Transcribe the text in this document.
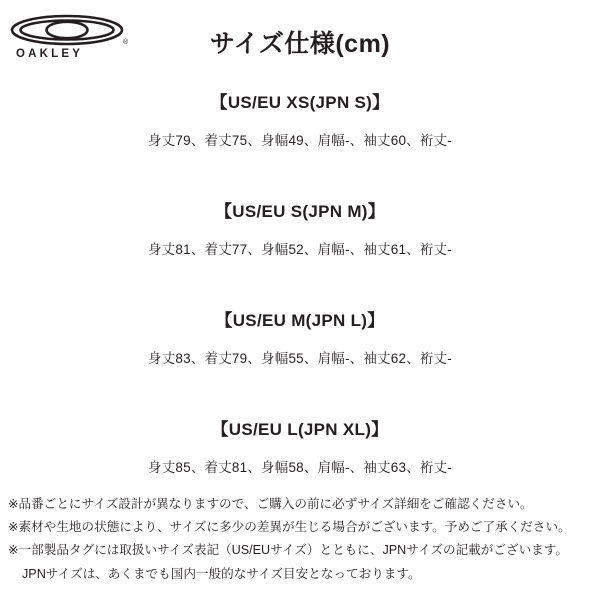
OAKLEY
®	サイズ仕様(cm)
【US/EU XS(JPN S)】
身丈79、着丈75、身幅49、肩幅-、袖丈60、裄丈-
【US/EU S(JPN M)】
身丈81、着丈77、身幅52、肩幅-、袖丈61、裄丈-
【US/EU M(JPN L)】
身丈83、着丈79、身幅55、肩幅-、袖丈62、裄丈-
【US/EU L(JPN XL)】
身丈85、着丈81、身幅58、肩幅-、袖丈63、裄丈-
※品番ごとにサイズ設計が異なりますので、ご購入の前に必ずサイズ詳細をご確認ください。
※素材や生地の状態により、サイズに多少の差異が生じる場合がございます。予めご了承ください。
※一部製品タグには取扱いサイズ表記（US/EUサイズ）とともに、JPNサイズの記載がございます。
JPNサイズは、あくまでも国内一般的なサイズ目安となっております。
